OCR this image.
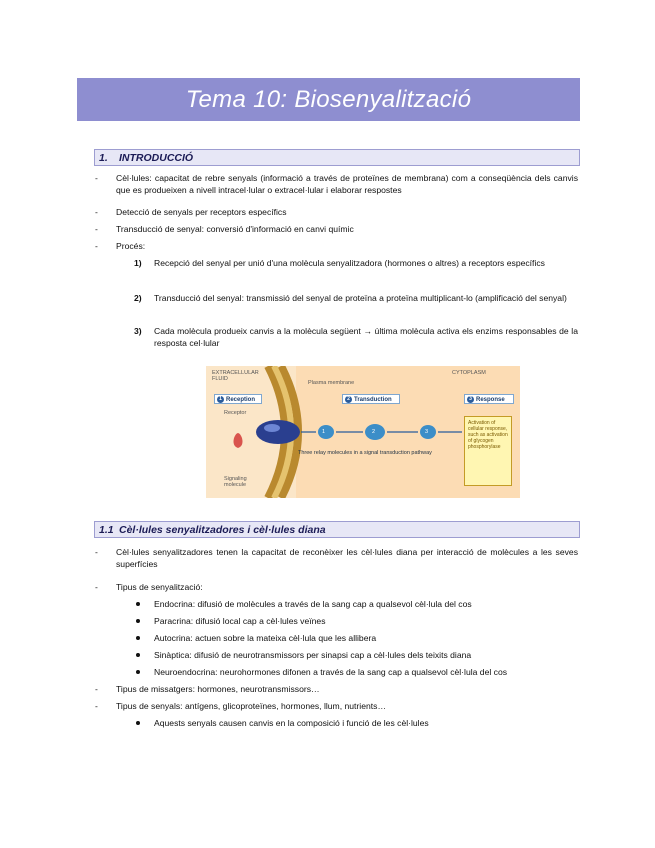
Tema 10: Biosenyalització
1. INTRODUCCIÓ
- Cèl·lules: capacitat de rebre senyals (informació a través de proteïnes de membrana) com a conseqüència dels canvis que es produeixen a nivell intracel·lular o extracel·lular i elaborar respostes
- Detecció de senyals per receptors específics
- Transducció de senyal: conversió d'informació en canvi químic
- Procés:
1) Recepció del senyal per unió d'una molècula senyalitzadora (hormones o altres) a receptors específics
2) Transducció del senyal: transmissió del senyal de proteïna a proteïna multiplicant-lo (amplificació del senyal)
3) Cada molècula produeix canvis a la molècula següent → última molècula activa els enzims responsables de la resposta cel·lular
EXTRACELLULAR FLUID
Plasma membrane
CYTOPLASM
1 Reception	2 Transduction	3 Response
Receptor
Signaling molecule
1	2	3
Three relay molecules in a signal transduction pathway
Activation of cellular response, such as activation of glycogen phosphorylase
1.1 Cèl·lules senyalitzadores i cèl·lules diana
- Cèl·lules senyalitzadores tenen la capacitat de reconèixer les cèl·lules diana per interacció de molècules a les seves superfícies
- Tipus de senyalització:
Endocrina: difusió de molècules a través de la sang cap a qualsevol cèl·lula del cos
Paracrina: difusió local cap a cèl·lules veïnes
Autocrina: actuen sobre la mateixa cèl·lula que les allibera
Sinàptica: difusió de neurotransmissors per sinapsi cap a cèl·lules dels teixits diana
Neuroendocrina: neurohormones difonen a través de la sang cap a qualsevol cèl·lula del cos
- Tipus de missatgers: hormones, neurotransmissors…
- Tipus de senyals: antígens, glicoproteïnes, hormones, llum, nutrients…
Aquests senyals causen canvis en la composició i funció de les cèl·lules
